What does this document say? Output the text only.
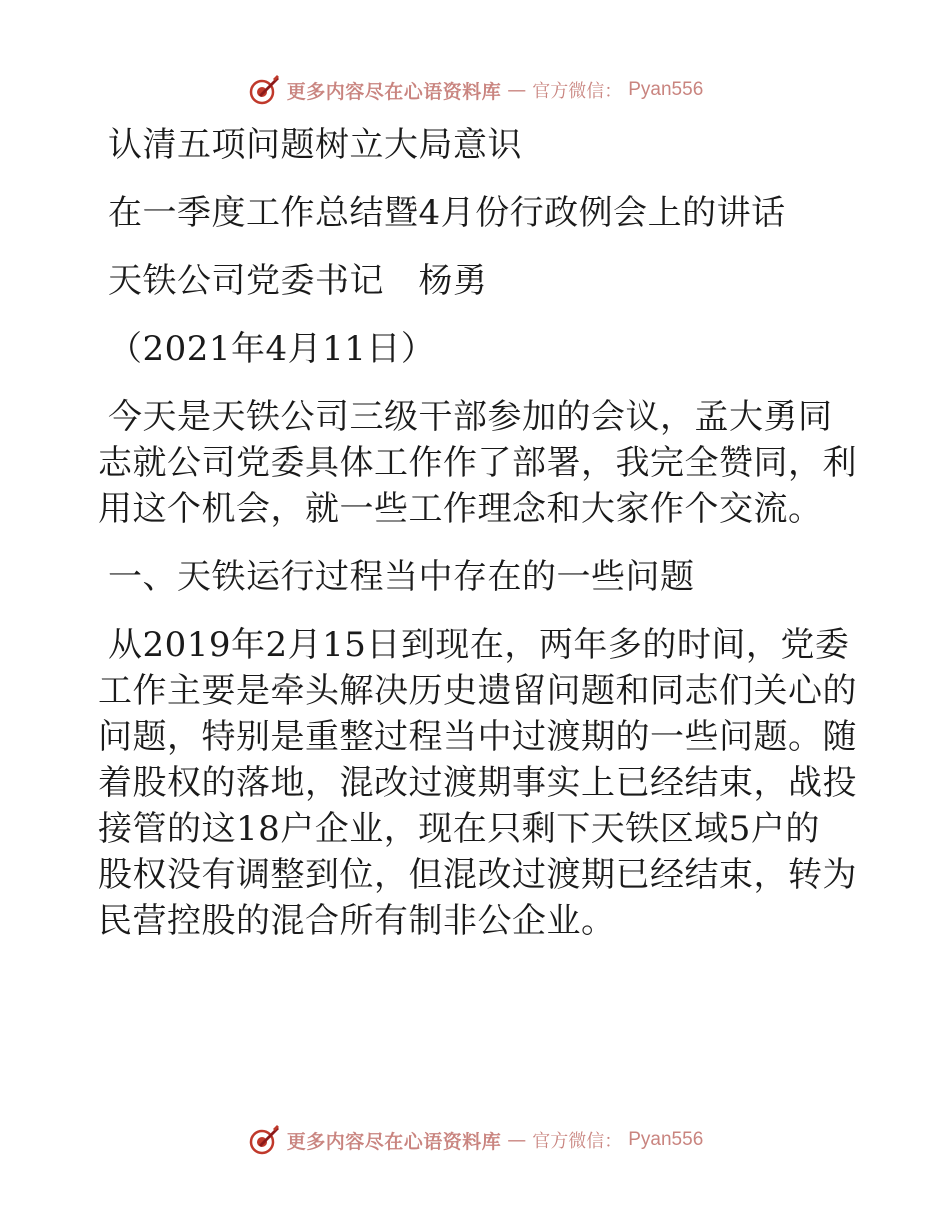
更多内容尽在心语资料库 — 官方微信： Pyan556
认清五项问题树立大局意识
在一季度工作总结暨4月份行政例会上的讲话
天铁公司党委书记　杨勇
（2021年4月11日）
今天是天铁公司三级干部参加的会议，孟大勇同
志就公司党委具体工作作了部署，我完全赞同，利
用这个机会，就一些工作理念和大家作个交流。
一、天铁运行过程当中存在的一些问题
从2019年2月15日到现在，两年多的时间，党委
工作主要是牵头解决历史遗留问题和同志们关心的
问题，特别是重整过程当中过渡期的一些问题。随
着股权的落地，混改过渡期事实上已经结束，战投
接管的这18户企业，现在只剩下天铁区域5户的
股权没有调整到位，但混改过渡期已经结束，转为
民营控股的混合所有制非公企业。
更多内容尽在心语资料库 — 官方微信： Pyan556
